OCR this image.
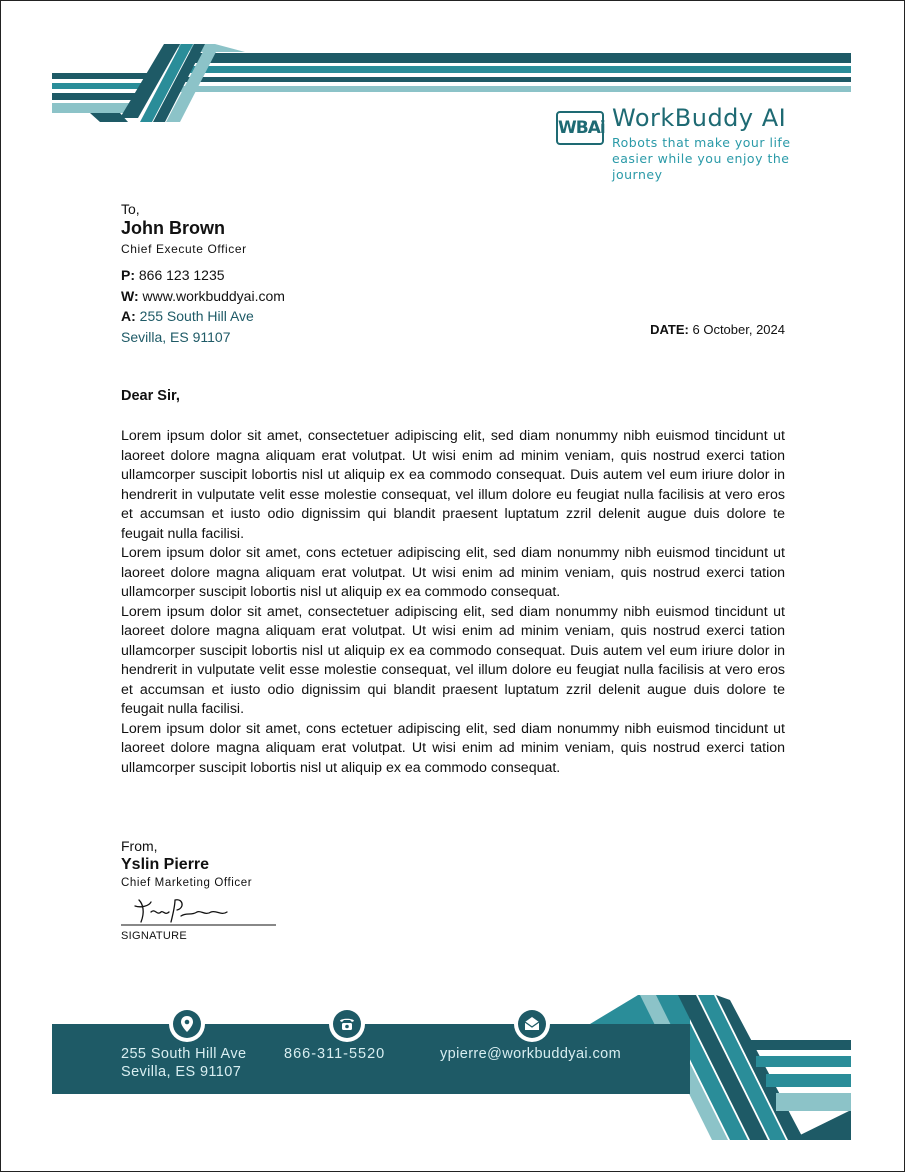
WBAi WorkBuddy AI
Robots that make your life easier while you enjoy the journey
To,
John Brown
Chief Execute Officer
P: 866 123 1235
W: www.workbuddyai.com
A: 255 South Hill Ave
Sevilla, ES 91107	DATE: 6 October, 2024
Dear Sir,

Lorem ipsum dolor sit amet, consectetuer adipiscing elit, sed diam nonummy nibh euismod tincidunt ut laoreet dolore magna aliquam erat volutpat. Ut wisi enim ad minim veniam, quis nostrud exerci tation ullamcorper suscipit lobortis nisl ut aliquip ex ea commodo consequat. Duis autem vel eum iriure dolor in hendrerit in vulputate velit esse molestie consequat, vel illum dolore eu feugiat nulla facilisis at vero eros et accumsan et iusto odio dignissim qui blandit praesent luptatum zzril delenit augue duis dolore te feugait nulla facilisi.

Lorem ipsum dolor sit amet, cons ectetuer adipiscing elit, sed diam nonummy nibh euismod tincidunt ut laoreet dolore magna aliquam erat volutpat. Ut wisi enim ad minim veniam, quis nostrud exerci tation ullamcorper suscipit lobortis nisl ut aliquip ex ea commodo consequat.

Lorem ipsum dolor sit amet, consectetuer adipiscing elit, sed diam nonummy nibh euismod tincidunt ut laoreet dolore magna aliquam erat volutpat. Ut wisi enim ad minim veniam, quis nostrud exerci tation ullamcorper suscipit lobortis nisl ut aliquip ex ea commodo consequat. Duis autem vel eum iriure dolor in hendrerit in vulputate velit esse molestie consequat, vel illum dolore eu feugiat nulla facilisis at vero eros et accumsan et iusto odio dignissim qui blandit praesent luptatum zzril delenit augue duis dolore te feugait nulla facilisi.

Lorem ipsum dolor sit amet, cons ectetuer adipiscing elit, sed diam nonummy nibh euismod tincidunt ut laoreet dolore magna aliquam erat volutpat. Ut wisi enim ad minim veniam, quis nostrud exerci tation ullamcorper suscipit lobortis nisl ut aliquip ex ea commodo consequat.

From,
Yslin Pierre
Chief Marketing Officer
SIGNATURE
255 South Hill Ave
Sevilla, ES 91107
866-311-5520	ypierre@workbuddyai.com
